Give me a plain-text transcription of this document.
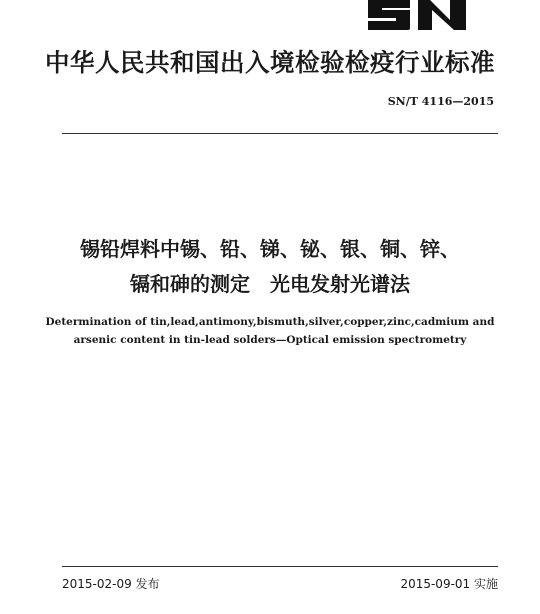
中华人民共和国出入境检验检疫行业标准
SN/T 4116—2015
锡铅焊料中锡、铅、锑、铋、银、铜、锌、
镉和砷的测定　光电发射光谱法
Determination of tin,lead,antimony,bismuth,silver,copper,zinc,cadmium and
arsenic content in tin-lead solders—Optical emission spectrometry
2015-02-09 发布	2015-09-01 实施
